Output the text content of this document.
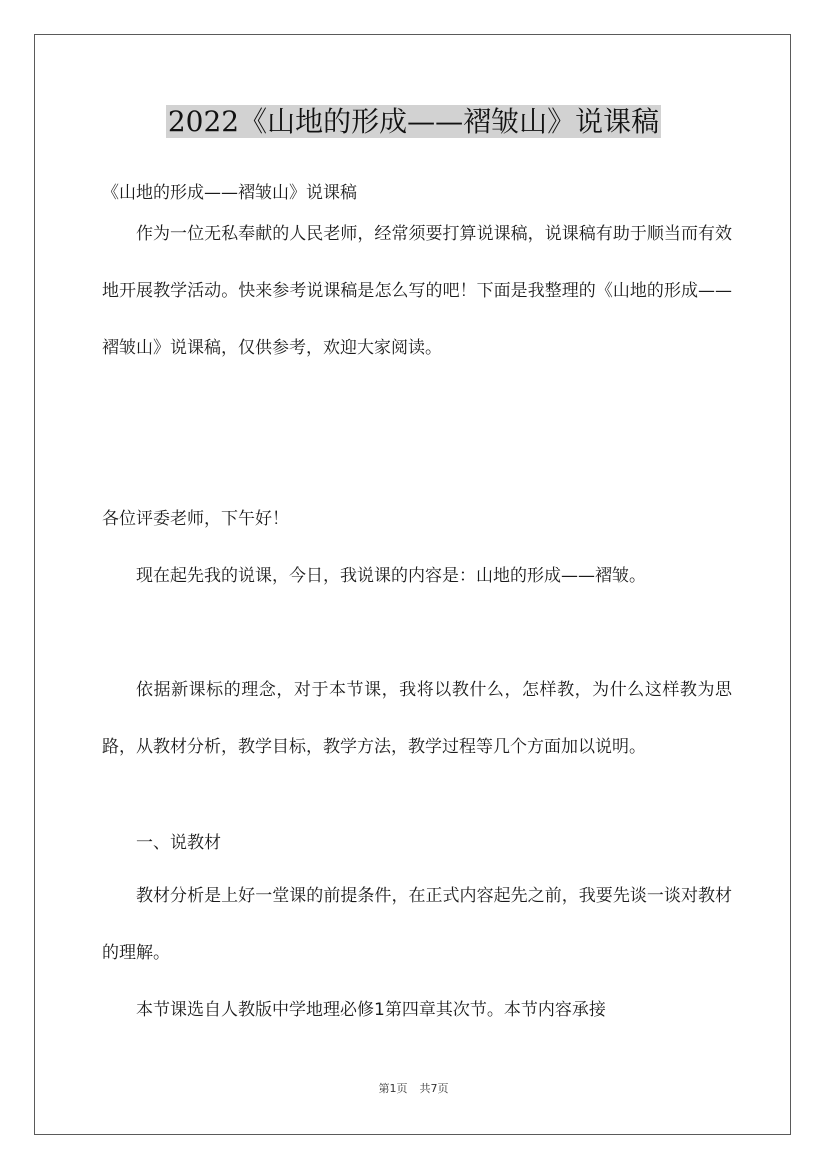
2022《山地的形成——褶皱山》说课稿
《山地的形成——褶皱山》说课稿

作为一位无私奉献的人民老师，经常须要打算说课稿，说课稿有助于顺当而有效地开展教学活动。快来参考说课稿是怎么写的吧！下面是我整理的《山地的形成——褶皱山》说课稿，仅供参考，欢迎大家阅读。

各位评委老师，下午好！

现在起先我的说课，今日，我说课的内容是：山地的形成——褶皱。

依据新课标的理念，对于本节课，我将以教什么，怎样教，为什么这样教为思路，从教材分析，教学目标，教学方法，教学过程等几个方面加以说明。

一、说教材

教材分析是上好一堂课的前提条件，在正式内容起先之前，我要先谈一谈对教材的理解。

本节课选自人教版中学地理必修1第四章其次节。本节内容承接

第1页 共7页
